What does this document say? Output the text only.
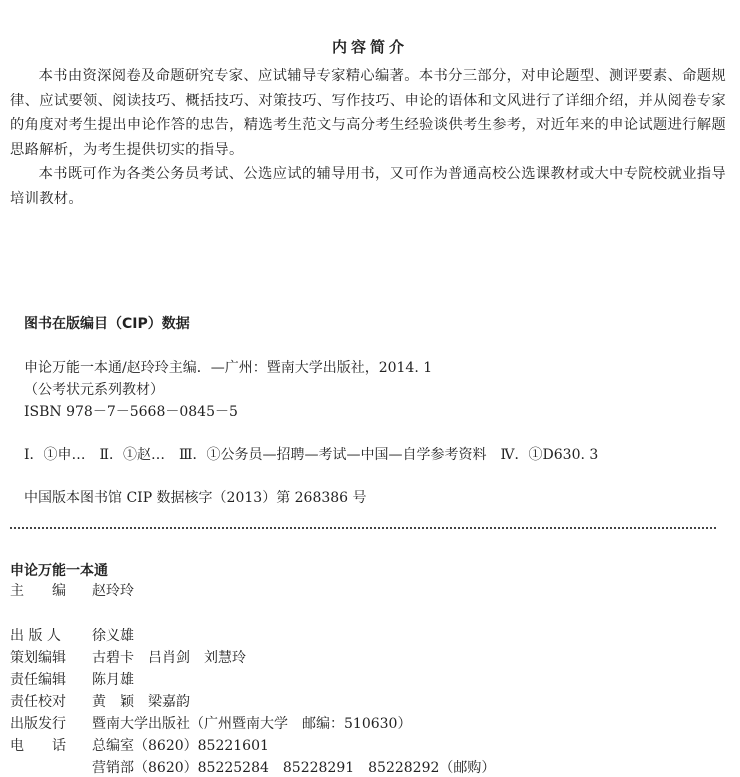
内容简介

本书由资深阅卷及命题研究专家、应试辅导专家精心编著。本书分三部分，对申论题型、测评要素、命题规律、应试要领、阅读技巧、概括技巧、对策技巧、写作技巧、申论的语体和文风进行了详细介绍，并从阅卷专家的角度对考生提出申论作答的忠告，精选考生范文与高分考生经验谈供考生参考，对近年来的申论试题进行解题思路解析，为考生提供切实的指导。

本书既可作为各类公务员考试、公选应试的辅导用书，又可作为普通高校公选课教材或大中专院校就业指导培训教材。

图书在版编目（CIP）数据
申论万能一本通/赵玲玲主编．—广州：暨南大学出版社，2014. 1
（公考状元系列教材）
ISBN 978－7－5668－0845－5
Ⅰ．①申…　Ⅱ．①赵…　Ⅲ．①公务员—招聘—考试—中国—自学参考资料　Ⅳ．①D630. 3
中国版本图书馆 CIP 数据核字（2013）第 268386 号
申论万能一本通
主　　编 赵玲玲
出 版 人 徐义雄
策划编辑 古碧卡　吕肖剑　刘慧玲
责任编辑 陈月雄
责任校对 黄　颖　梁嘉韵
出版发行 暨南大学出版社（广州暨南大学　邮编：510630）
电　　话 总编室（8620）85221601
营销部（8620）85225284　85228291　85228292（邮购）
